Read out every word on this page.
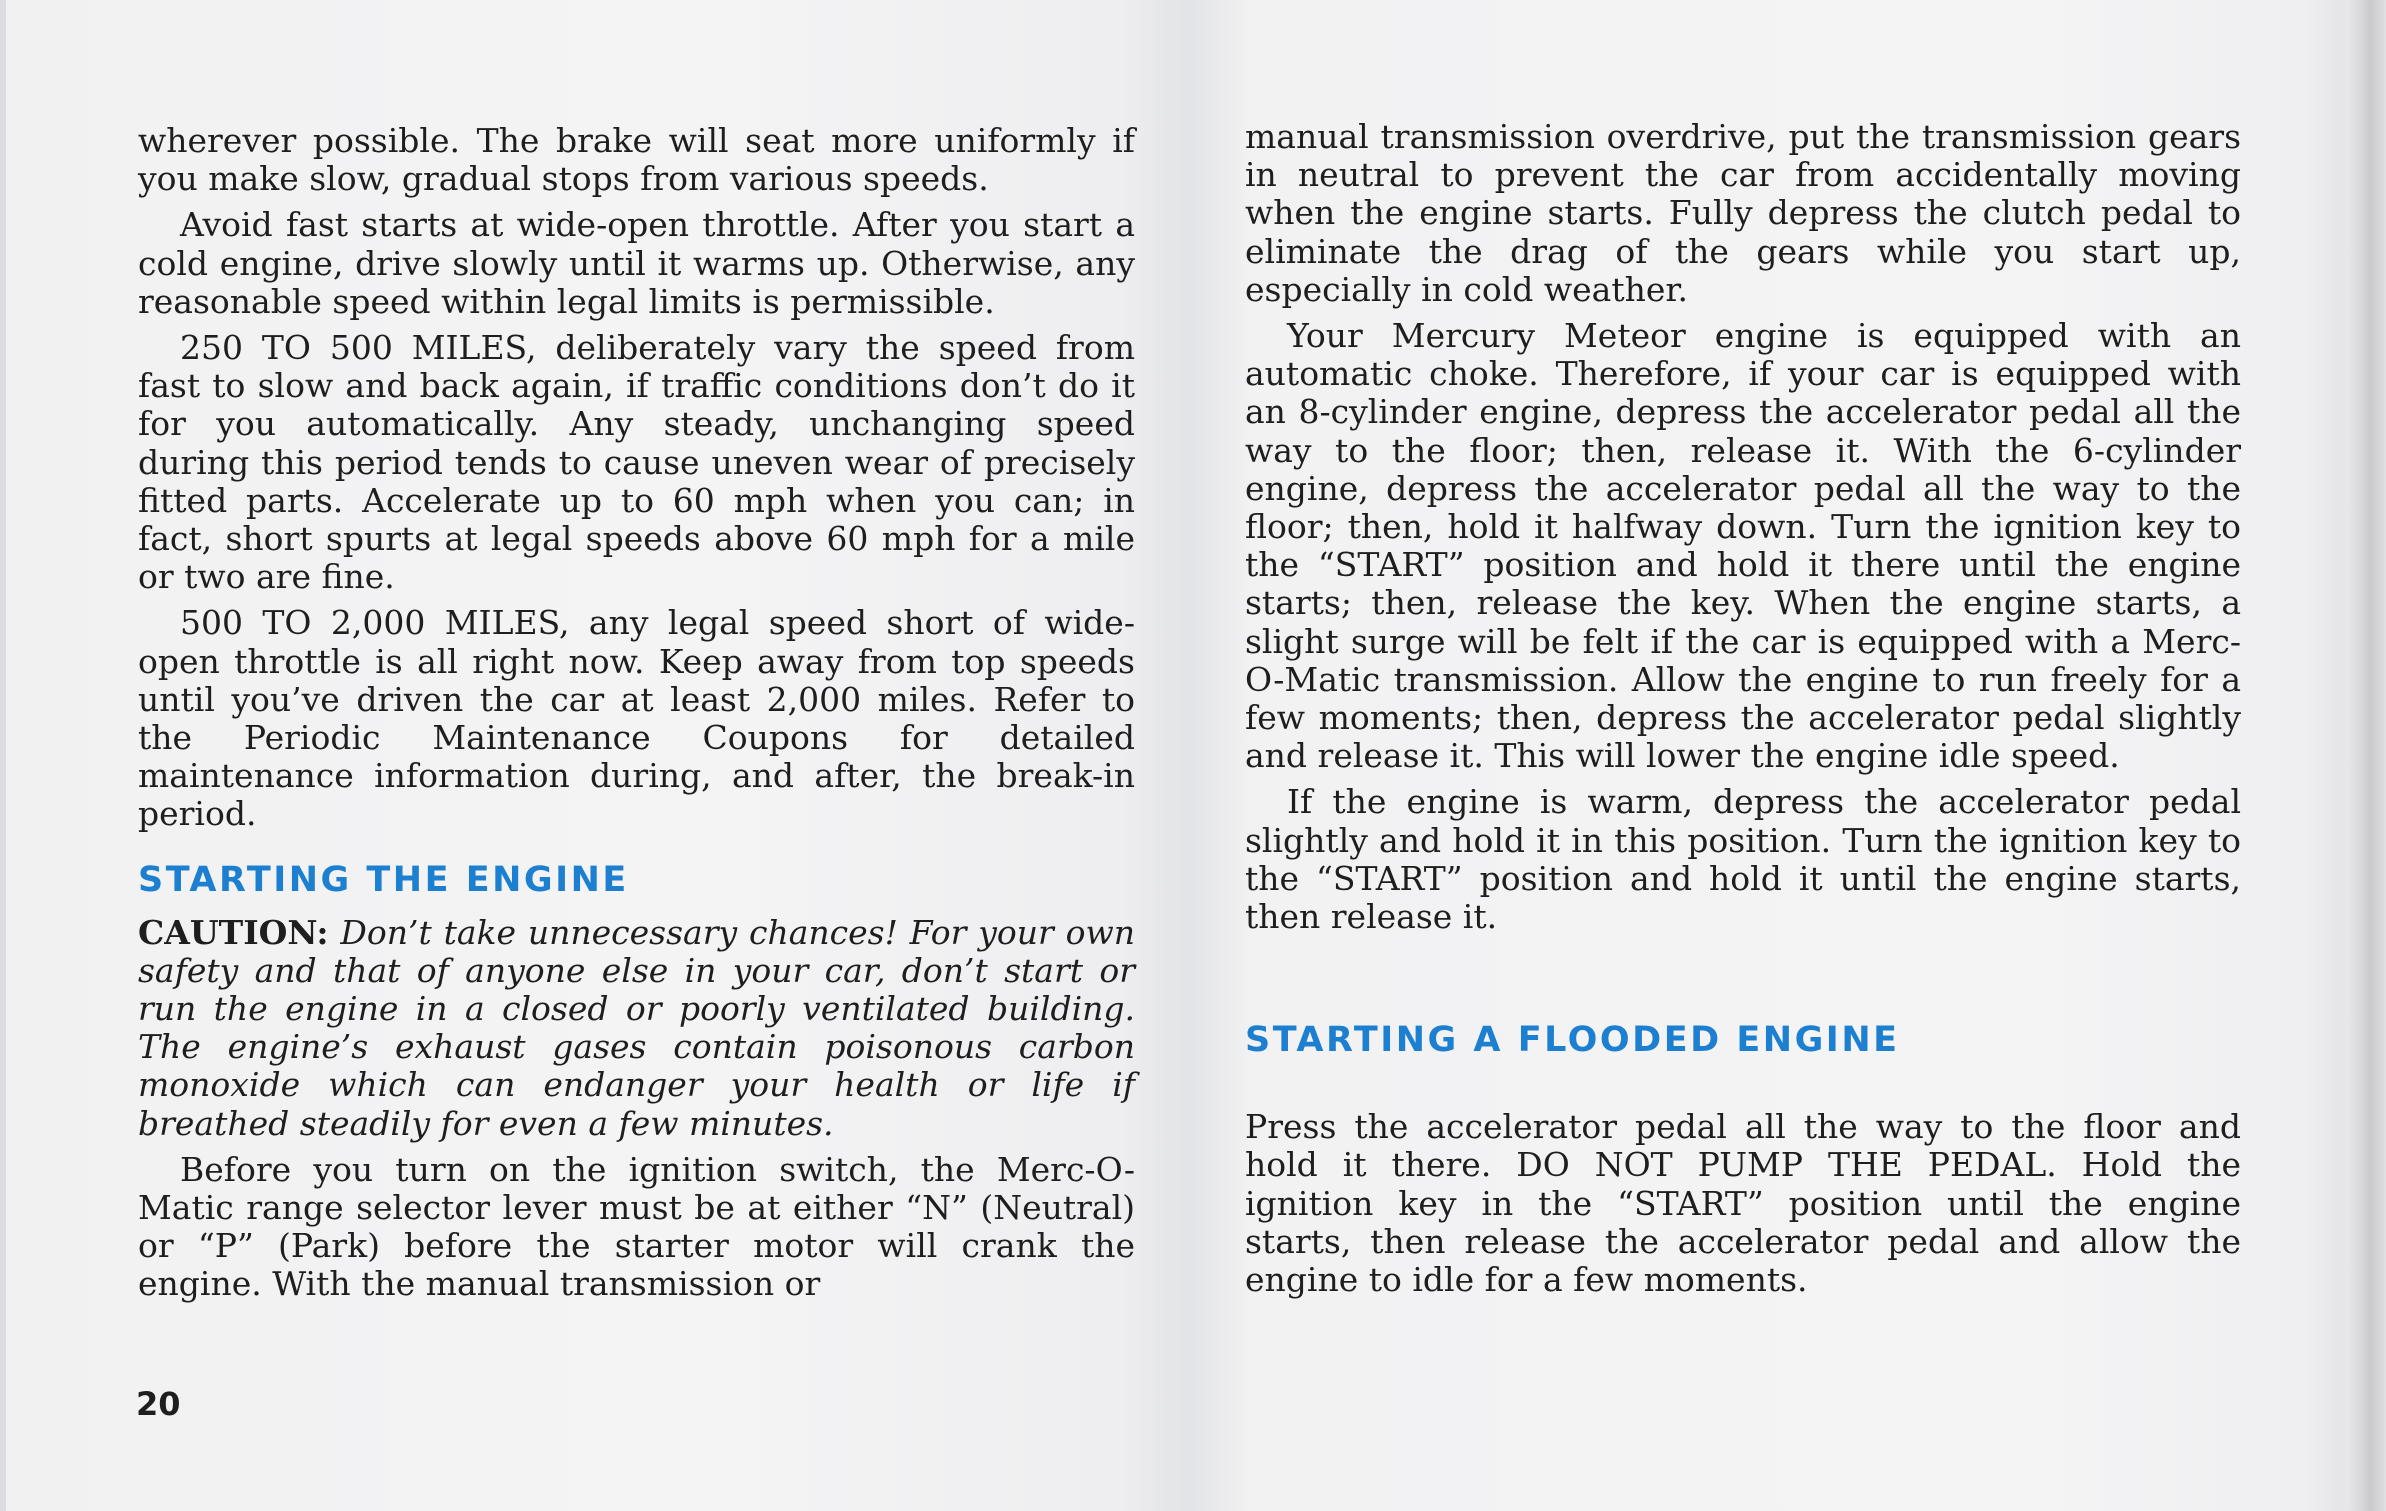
wherever possible. The brake will seat more uniformly if you make slow, gradual stops from various speeds.

Avoid fast starts at wide-open throttle. After you start a cold engine, drive slowly until it warms up. Otherwise, any reasonable speed within legal limits is permissible.

250 TO 500 MILES, deliberately vary the speed from fast to slow and back again, if traffic conditions don’t do it for you automatically. Any steady, unchanging speed during this period tends to cause uneven wear of precisely fitted parts. Accelerate up to 60 mph when you can; in fact, short spurts at legal speeds above 60 mph for a mile or two are fine.

500 TO 2,000 MILES, any legal speed short of wide-open throttle is all right now. Keep away from top speeds until you’ve driven the car at least 2,000 miles. Refer to the Periodic Maintenance Coupons for detailed maintenance information during, and after, the break-in period.

STARTING THE ENGINE

CAUTION: Don’t take unnecessary chances! For your own safety and that of anyone else in your car, don’t start or run the engine in a closed or poorly ventilated building. The engine’s exhaust gases contain poisonous carbon monoxide which can endanger your health or life if breathed steadily for even a few minutes.

Before you turn on the ignition switch, the Merc-O-Matic range selector lever must be at either “N” (Neutral) or “P” (Park) before the starter motor will crank the engine. With the manual transmission or

20

manual transmission overdrive, put the transmission gears in neutral to prevent the car from accidentally moving when the engine starts. Fully depress the clutch pedal to eliminate the drag of the gears while you start up, especially in cold weather.

Your Mercury Meteor engine is equipped with an automatic choke. Therefore, if your car is equipped with an 8-cylinder engine, depress the accelerator pedal all the way to the floor; then, release it. With the 6-cylinder engine, depress the accelerator pedal all the way to the floor; then, hold it halfway down. Turn the ignition key to the “START” position and hold it there until the engine starts; then, release the key. When the engine starts, a slight surge will be felt if the car is equipped with a Merc-O-Matic transmission. Allow the engine to run freely for a few moments; then, depress the accelerator pedal slightly and release it. This will lower the engine idle speed.

If the engine is warm, depress the accelerator pedal slightly and hold it in this position. Turn the ignition key to the “START” position and hold it until the engine starts, then release it.

STARTING A FLOODED ENGINE

Press the accelerator pedal all the way to the floor and hold it there. DO NOT PUMP THE PEDAL. Hold the ignition key in the “START” position until the engine starts, then release the accelerator pedal and allow the engine to idle for a few moments.
